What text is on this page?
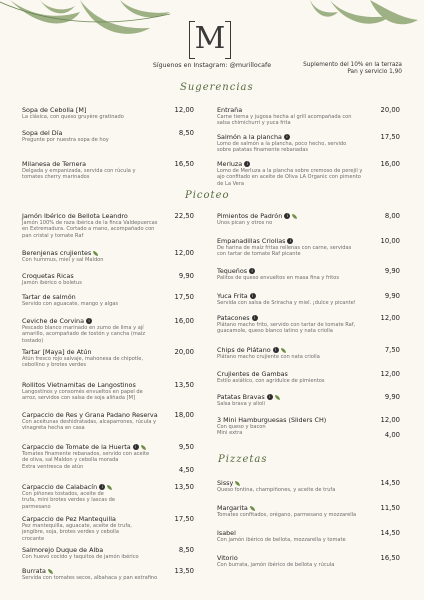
M
Síguenos en Instagram: @murillocafe	Suplemento del 10% en la terraza
Pan y servicio 1,90
Sugerencias
Picoteo
Pizzetas
Sopa de Cebolla [M]
La clásica, con queso gruyère gratinado
12,00
Sopa del Día
Pregunte por nuestra sopa de hoy
8,50
Milanesa de Ternera
Delgada y empanizada, servida con rúcula y tomates cherry marinados
16,50
Entraña
Carne tierna y jugosa hecha al grill acompañada con salsa chimichurri y yuca frita
20,00
Salmón a la plancha i
Lomo de salmón a la plancha, poco hecho, servido sobre patatas finamente rebanadas
17,50
Merluza i
Lomo de Merluza a la plancha sobre cremoso de perejil y ajo confitado en aceite de Oliva LA Organic con pimento de La Vera
16,00
Jamón Ibérico de Bellota Leandro
Jamón 100% de raza ibérica de la finca Valdepuercas en Extremadura. Cortado a mano, acompañado con pan cristal y tomate Raf
22,50
Berenjenas crujientes
Con hummus, miel y sal Maldon
12,00
Croquetas Ricas
Jamón ibérico o boletus
9,90
Tartar de salmón
Servido con aguacate, mango y algas
17,50
Ceviche de Corvina i
Pescado blanco marinado en zumo de lima y ají amarillo, acompañado de tostón y cancha (maíz tostado)
16,00
Tartar [Maya] de Atún
Atún fresco rojo salvaje, mahonesa de chipotle, cebollino y brotes verdes
20,00
Rollitos Vietnamitas de Langostinos
Langostinos y consomés envueltos en papel de arroz, servidos con salsa de soja aliñada [M]
13,50
Carpaccio de Res y Grana Padano Reserva
Con aceitunas deshidratadas, alcaparrones, rúcula y vinagreta hecha en casa
18,00
Carpaccio de Tomate de la Huerta i
Tomates finamente rebanados, servido con aceite de oliva, sal Maldon y cebolla morada
Extra ventresca de atún
9,50
4,50
Carpaccio de Calabacín i
Con piñones tostados, aceite de trufa, mini brotes verdes y lascas de parmesano
13,50
Carpaccio de Pez Mantequilla
Pez mantequilla, aguacate, aceite de trufa, jengibre, soja, brotes verdes y cebolla crocante
17,50
Salmorejo Duque de Alba
Con huevo cocido y taquitos de jamón ibérico
8,50
Burrata
Servida con tomates secos, albahaca y pan extrafino
13,50
Pimientos de Padrón i
Unos pican y otros no
8,00
Empanadillas Criollas i
De harina de maíz fritas rellenas con carne, servidas con tartar de tomate Raf picante
10,00
Tequeños i
Palitos de queso envueltos en masa fina y fritos
9,90
Yuca Frita i
Servida con salsa de Sriracha y miel. ¡dulce y picante!
9,90
Patacones i
Plátano macho frito, servido con tartar de tomate Raf, guacamole, queso blanco latino y nata criolla
12,00
Chips de Plátano i
Plátano macho crujiente con nata criolla
7,50
Crujientes de Gambas
Estilo asiático, con agridulce de pimientos
12,00
Patatas Bravas i
Salsa brava y alioli
9,90
3 Mini Hamburguesas (Sliders CH)
Con queso y bacon
Mini extra
12,00
4,00
Sissy
Queso fontina, champiñones, y aceite de trufa
14,50
Margarita
Tomates confitados, orégano, parmesano y mozzarella
11,50
Isabel
Con jamón ibérico de bellota, mozzarella y tomate
14,50
Vitorio
Con burrata, jamón ibérico de bellota y rúcula
16,50
